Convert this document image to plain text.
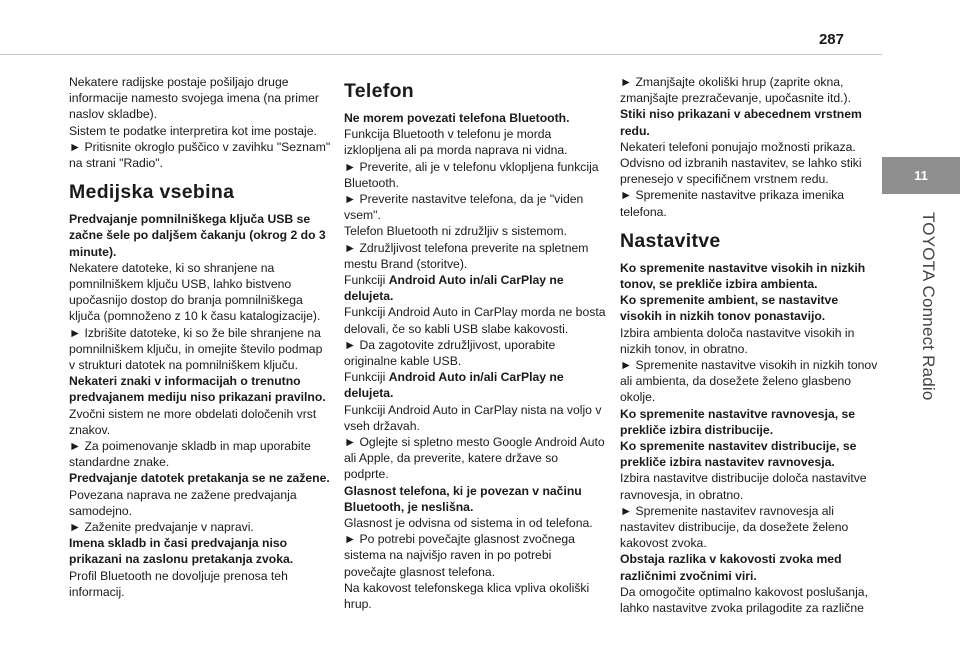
287
11
TOYOTA Connect Radio

Nekatere radijske postaje pošiljajo druge informacije namesto svojega imena (na primer naslov skladbe).

Sistem te podatke interpretira kot ime postaje.

► Pritisnite okroglo puščico v zavihku "Seznam" na strani "Radio".

Medijska vsebina

Predvajanje pomnilniškega ključa USB se začne šele po daljšem čakanju (okrog 2 do 3 minute).

Nekatere datoteke, ki so shranjene na pomnilniškem ključu USB, lahko bistveno upočasnijo dostop do branja pomnilniškega ključa (pomnoženo z 10 k času katalogizacije).

► Izbrišite datoteke, ki so že bile shranjene na pomnilniškem ključu, in omejite število podmap v strukturi datotek na pomnilniškem ključu.

Nekateri znaki v informacijah o trenutno predvajanem mediju niso prikazani pravilno.

Zvočni sistem ne more obdelati določenih vrst znakov.

► Za poimenovanje skladb in map uporabite standardne znake.

Predvajanje datotek pretakanja se ne zažene.

Povezana naprava ne zažene predvajanja samodejno.

► Zaženite predvajanje v napravi.

Imena skladb in časi predvajanja niso prikazani na zaslonu pretakanja zvoka.

Profil Bluetooth ne dovoljuje prenosa teh informacij.

Telefon

Ne morem povezati telefona Bluetooth.

Funkcija Bluetooth v telefonu je morda izklopljena ali pa morda naprava ni vidna.

► Preverite, ali je v telefonu vklopljena funkcija Bluetooth.

► Preverite nastavitve telefona, da je "viden vsem".

Telefon Bluetooth ni združljiv s sistemom.

► Združljivost telefona preverite na spletnem mestu Brand (storitve).

Funkciji Android Auto in/ali CarPlay ne delujeta.

Funkciji Android Auto in CarPlay morda ne bosta delovali, če so kabli USB slabe kakovosti.

► Da zagotovite združljivost, uporabite originalne kable USB.

Funkciji Android Auto in/ali CarPlay ne delujeta.

Funkciji Android Auto in CarPlay nista na voljo v vseh državah.

► Oglejte si spletno mesto Google Android Auto ali Apple, da preverite, katere države so podprte.

Glasnost telefona, ki je povezan v načinu Bluetooth, je neslišna.

Glasnost je odvisna od sistema in od telefona.

► Po potrebi povečajte glasnost zvočnega sistema na najvišjo raven in po potrebi povečajte glasnost telefona.

Na kakovost telefonskega klica vpliva okoliški hrup.

► Zmanjšajte okoliški hrup (zaprite okna, zmanjšajte prezračevanje, upočasnite itd.).

Stiki niso prikazani v abecednem vrstnem redu.

Nekateri telefoni ponujajo možnosti prikaza. Odvisno od izbranih nastavitev, se lahko stiki prenesejo v specifičnem vrstnem redu.

► Spremenite nastavitve prikaza imenika telefona.

Nastavitve

Ko spremenite nastavitve visokih in nizkih tonov, se prekliče izbira ambienta.

Ko spremenite ambient, se nastavitve visokih in nizkih tonov ponastavijo.

Izbira ambienta določa nastavitve visokih in nizkih tonov, in obratno.

► Spremenite nastavitve visokih in nizkih tonov ali ambienta, da dosežete želeno glasbeno okolje.

Ko spremenite nastavitve ravnovesja, se prekliče izbira distribucije.

Ko spremenite nastavitev distribucije, se prekliče izbira nastavitev ravnovesja.

Izbira nastavitve distribucije določa nastavitve ravnovesja, in obratno.

► Spremenite nastavitev ravnovesja ali nastavitev distribucije, da dosežete želeno kakovost zvoka.

Obstaja razlika v kakovosti zvoka med različnimi zvočnimi viri.

Da omogočite optimalno kakovost poslušanja, lahko nastavitve zvoka prilagodite za različne
